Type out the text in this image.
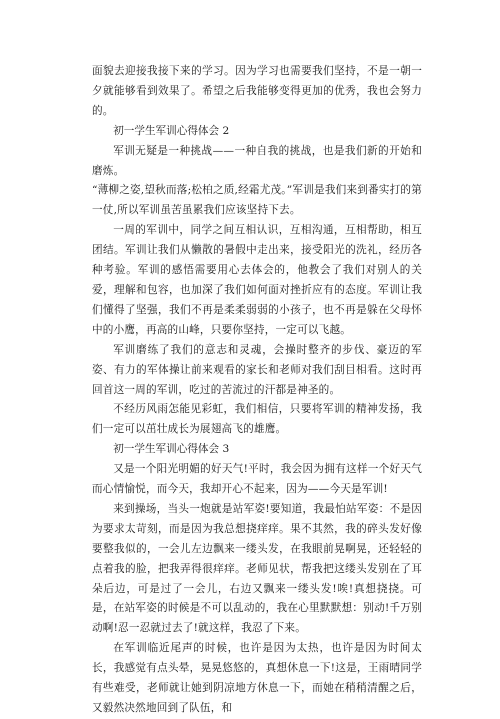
面貌去迎接我接下来的学习。因为学习也需要我们坚持，不是一朝一夕就能够看到效果了。希望之后我能够变得更加的优秀，我也会努力的。

初一学生军训心得体会 2

军训无疑是一种挑战——一种自我的挑战，也是我们新的开始和磨炼。

“薄柳之姿,望秋而落;松柏之质,经霜尤茂。”军训是我们来到番实打的第一仗,所以军训虽苦虽累我们应该坚持下去。

一周的军训中，同学之间互相认识，互相沟通，互相帮助，相互团结。军训让我们从懒散的暑假中走出来，接受阳光的洗礼，经历各种考验。军训的感悟需要用心去体会的，他教会了我们对别人的关爱，理解和包容，也加深了我们如何面对挫折应有的态度。军训让我们懂得了坚强，我们不再是柔柔弱弱的小孩子，也不再是躲在父母怀中的小鹰，再高的山峰，只要你坚持，一定可以飞越。

军训磨练了我们的意志和灵魂，会操时整齐的步伐、豪迈的军姿、有力的军体操让前来观看的家长和老师对我们刮目相看。这时再回首这一周的军训，吃过的苦流过的汗都是神圣的。

不经历风雨怎能见彩虹，我们相信，只要将军训的精神发扬，我们一定可以茁壮成长为展翅高飞的雄鹰。

初一学生军训心得体会 3

又是一个阳光明媚的好天气!平时，我会因为拥有这样一个好天气而心情愉悦，而今天，我却开心不起来，因为——今天是军训!

来到操场，当头一炮就是站军姿!要知道，我最怕站军姿：不是因为要求太苛刻，而是因为我总想挠痒痒。果不其然，我的碎头发好像要整我似的，一会儿左边飘来一缕头发，在我眼前晃啊晃，还轻轻的点着我的脸，把我弄得很痒痒。老师见状，帮我把这缕头发别在了耳朵后边，可是过了一会儿，右边又飘来一缕头发!唉!真想挠挠。可是，在站军姿的时候是不可以乱动的，我在心里默默想：别动!千万别动啊!忍一忍就过去了!就这样，我忍了下来。

在军训临近尾声的时候，也许是因为太热，也许是因为时间太长，我感觉有点头晕，晃晃悠悠的，真想休息一下!这是，王雨晴同学有些难受，老师就让她到阴凉地方休息一下，而她在稍稍清醒之后，又毅然决然地回到了队伍，和
